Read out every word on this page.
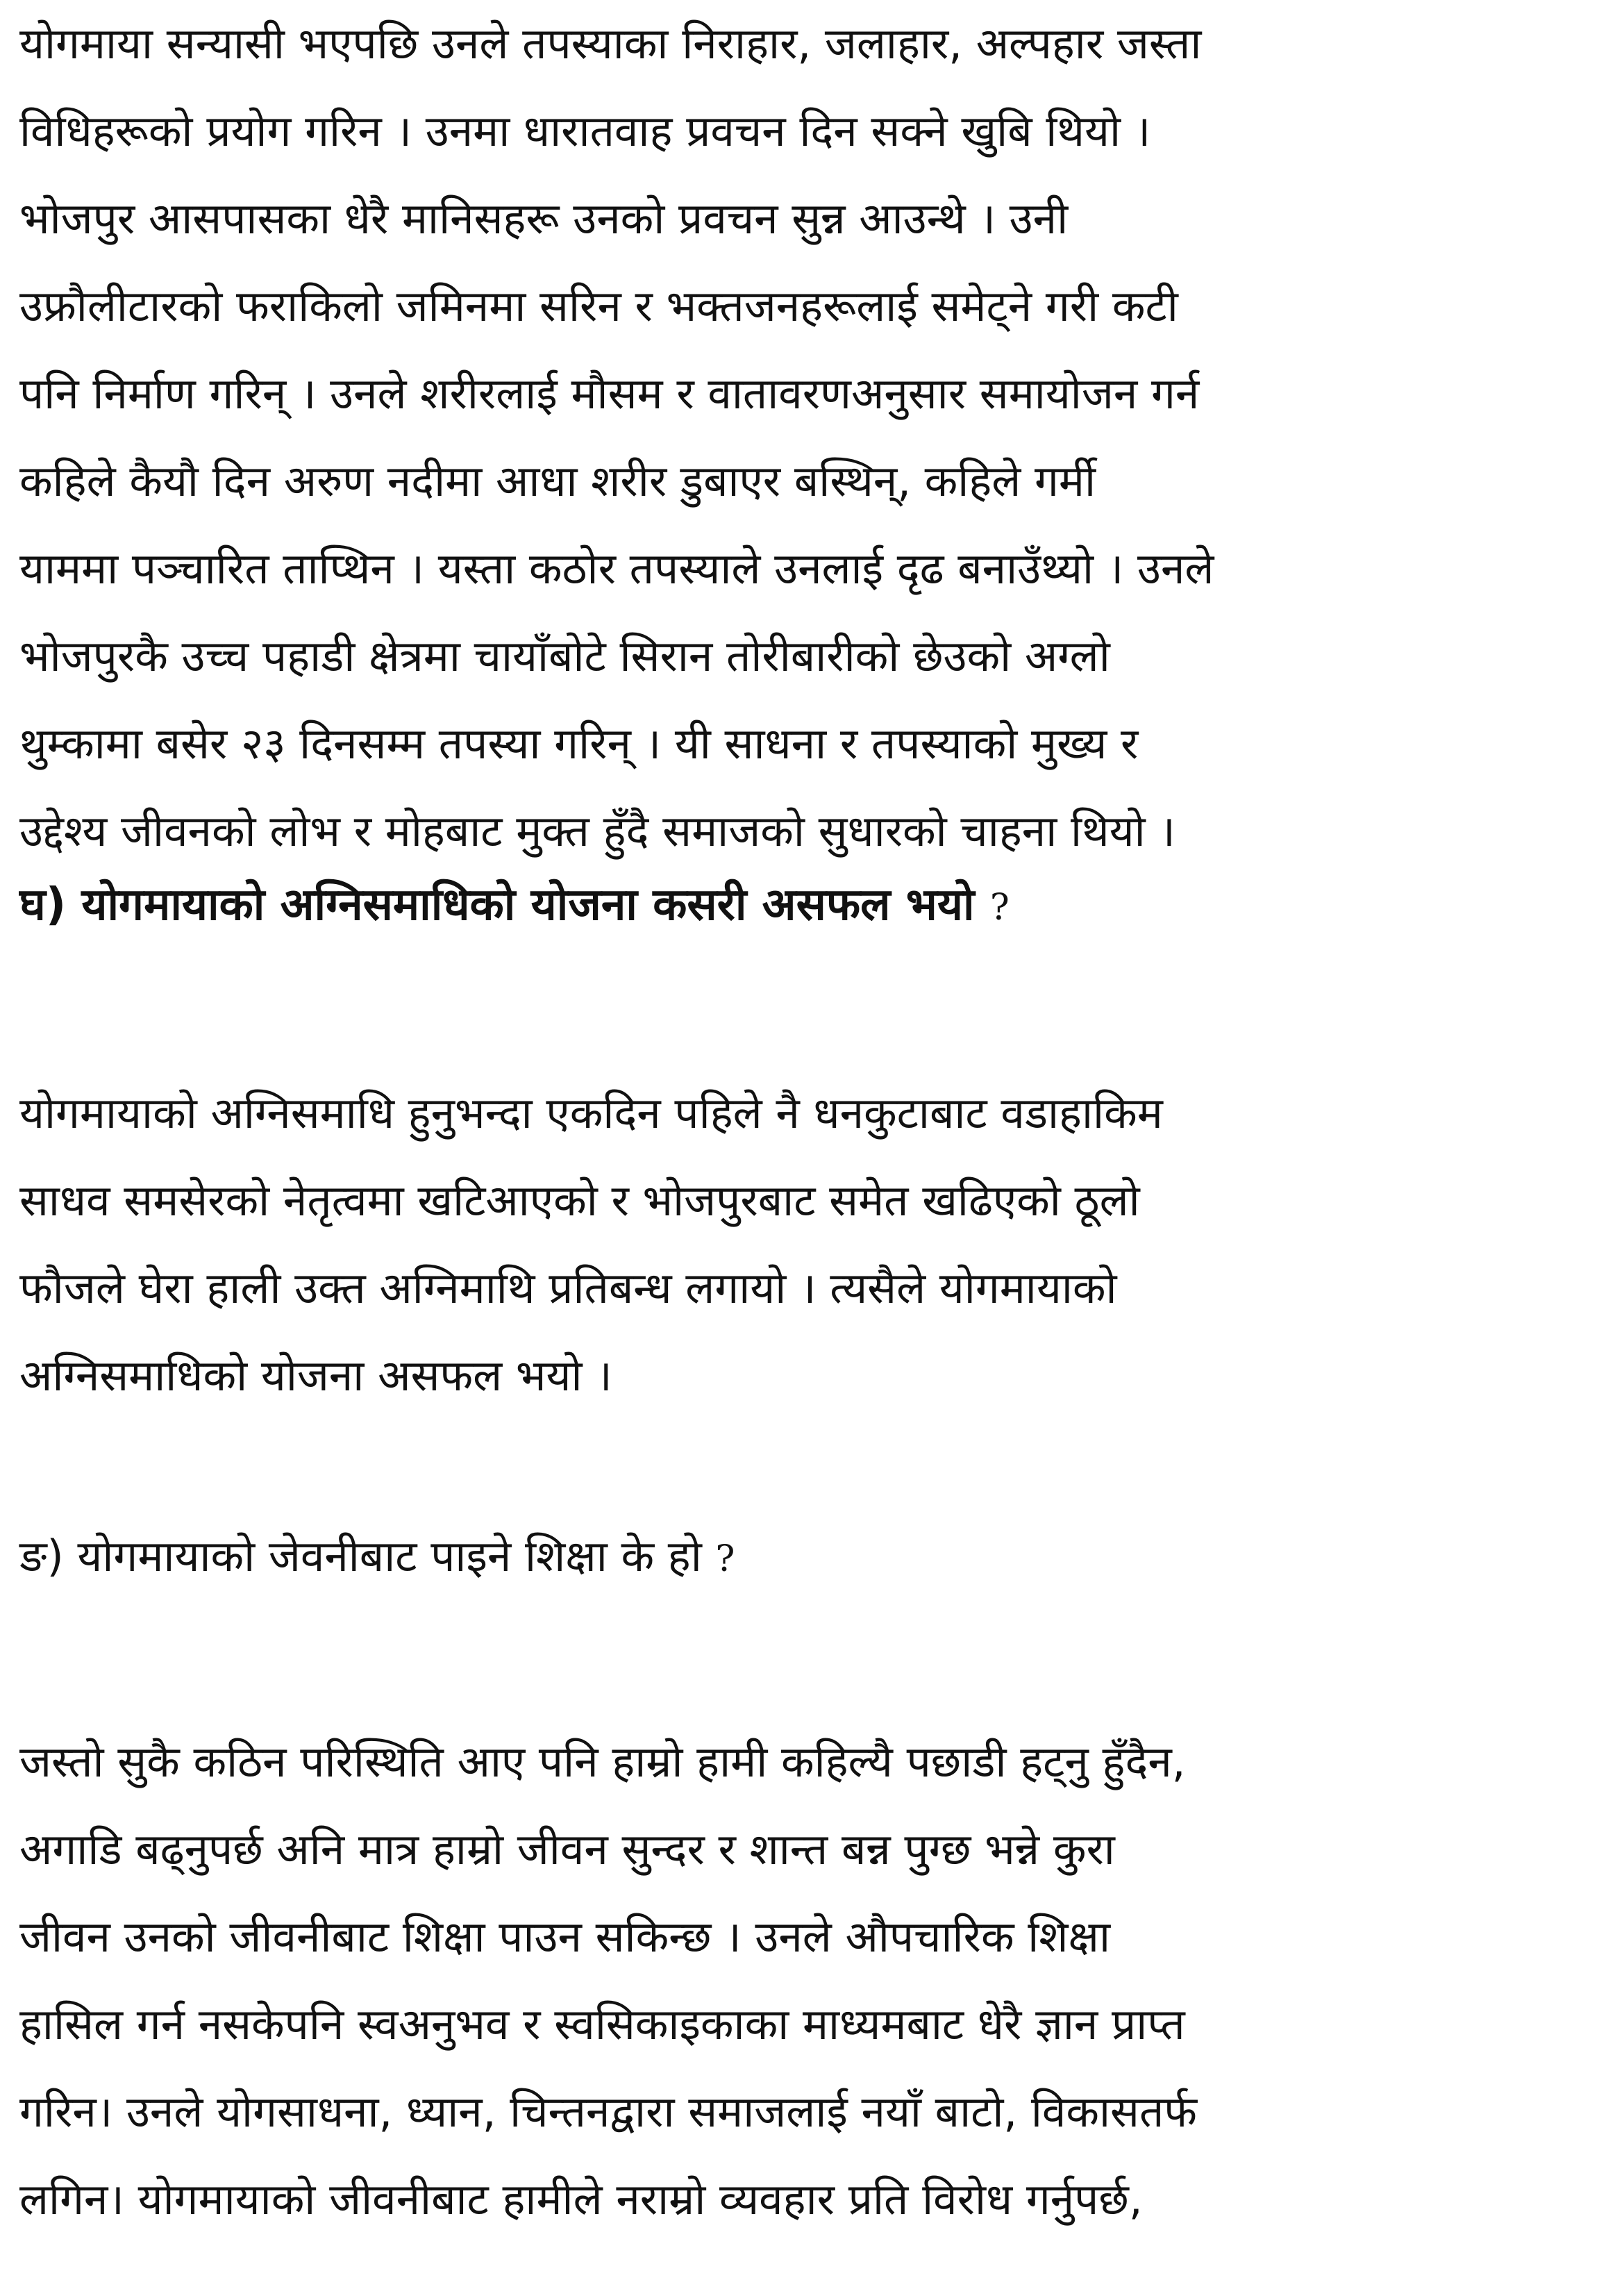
योगमाया सन्यासी भएपछि उनले तपस्याका निराहार, जलाहार, अल्पहार जस्ता
विधिहरूको प्रयोग गरिन । उनमा धारातवाह प्रवचन दिन सक्ने खुबि थियो ।
भोजपुर आसपासका धेरै मानिसहरू उनको प्रवचन सुन्न आउन्थे । उनी
उफ्रौलीटारको फराकिलो जमिनमा सरिन र भक्तजनहरूलाई समेट्ने गरी कटी
पनि निर्माण गरिन् । उनले शरीरलाई मौसम र वातावरणअनुसार समायोजन गर्न
कहिले कैयौ दिन अरुण नदीमा आधा शरीर डुबाएर बस्थिन्, कहिले गर्मी
याममा पञ्चारित ताप्थिन । यस्ता कठोर तपस्याले उनलाई दृढ बनाउँथ्यो । उनले
भोजपुरकै उच्च पहाडी क्षेत्रमा चायाँबोटे सिरान तोरीबारीको छेउको अग्लो
थुम्कामा बसेर २३ दिनसम्म तपस्या गरिन् । यी साधना र तपस्याको मुख्य र
उद्देश्य जीवनको लोभ र मोहबाट मुक्त हुँदै समाजको सुधारको चाहना थियो ।
घ) योगमायाको अग्निसमाधिको योजना कसरी असफल भयो ?
योगमायाको अग्निसमाधि हुनुभन्दा एकदिन पहिले नै धनकुटाबाट वडाहाकिम
साधव समसेरको नेतृत्वमा खटिआएको र भोजपुरबाट समेत खढिएको ठूलो
फौजले घेरा हाली उक्त अग्निमाथि प्रतिबन्ध लगायो । त्यसैले योगमायाको
अग्निसमाधिको योजना असफल भयो ।
ङ) योगमायाको जेवनीबाट पाइने शिक्षा के हो ?
जस्तो सुकै कठिन परिस्थिति आए पनि हाम्रो हामी कहिल्यै पछाडी हट्नु हुँदैन,
अगाडि बढ्नुपर्छ अनि मात्र हाम्रो जीवन सुन्दर र शान्त बन्न पुग्छ भन्ने कुरा
जीवन उनको जीवनीबाट शिक्षा पाउन सकिन्छ । उनले औपचारिक शिक्षा
हासिल गर्न नसकेपनि स्वअनुभव र स्वसिकाइकाका माध्यमबाट धेरै ज्ञान प्राप्त
गरिन। उनले योगसाधना, ध्यान, चिन्तनद्वारा समाजलाई नयाँ बाटो, विकासतर्फ
लगिन। योगमायाको जीवनीबाट हामीले नराम्रो व्यवहार प्रति विरोध गर्नुपर्छ,
